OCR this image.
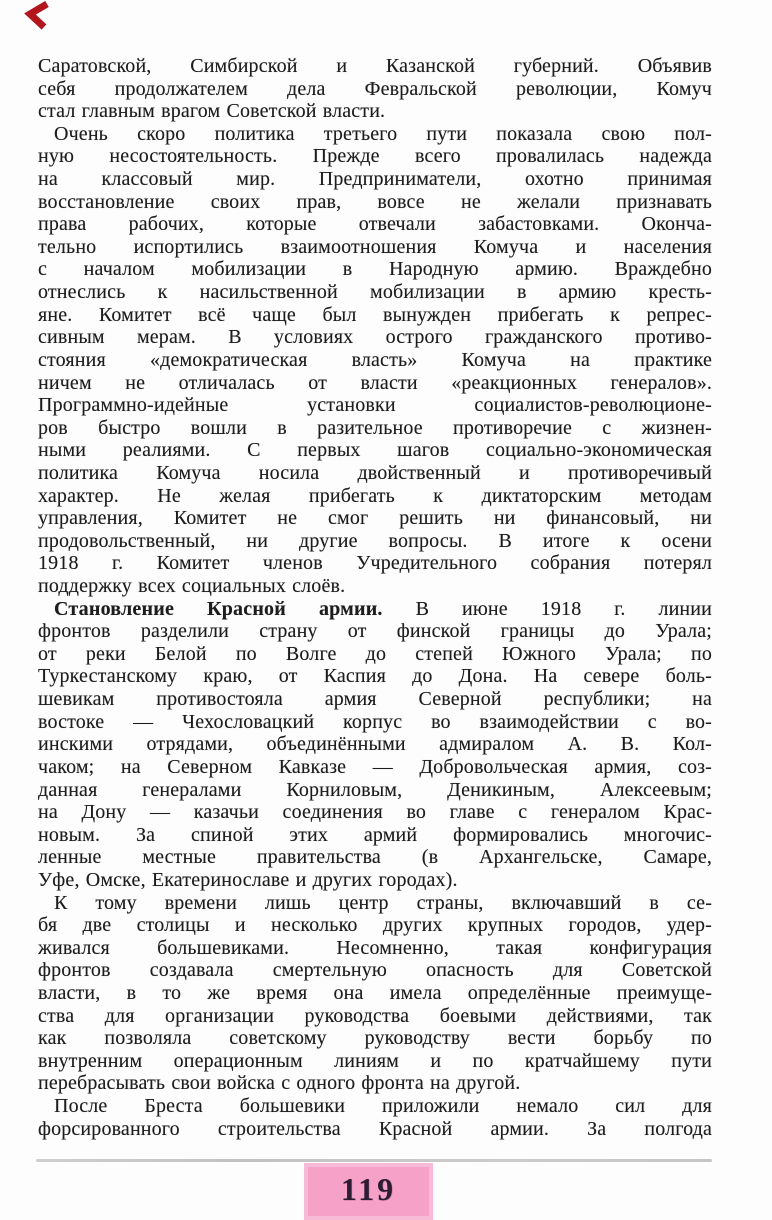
Саратовской, Симбирской и Казанской губерний. Объявив
себя продолжателем дела Февральской революции, Комуч
стал главным врагом Советской власти.
Очень скоро политика третьего пути показала свою пол-
ную несостоятельность. Прежде всего провалилась надежда
на классовый мир. Предприниматели, охотно принимая
восстановление своих прав, вовсе не желали признавать
права рабочих, которые отвечали забастовками. Оконча-
тельно испортились взаимоотношения Комуча и населения
с началом мобилизации в Народную армию. Враждебно
отнеслись к насильственной мобилизации в армию кресть-
яне. Комитет всё чаще был вынужден прибегать к репрес-
сивным мерам. В условиях острого гражданского противо-
стояния «демократическая власть» Комуча на практике
ничем не отличалась от власти «реакционных генералов».
Программно-идейные установки социалистов-революционе-
ров быстро вошли в разительное противоречие с жизнен-
ными реалиями. С первых шагов социально-экономическая
политика Комуча носила двойственный и противоречивый
характер. Не желая прибегать к диктаторским методам
управления, Комитет не смог решить ни финансовый, ни
продовольственный, ни другие вопросы. В итоге к осени
1918 г. Комитет членов Учредительного собрания потерял
поддержку всех социальных слоёв.
Становление Красной армии. В июне 1918 г. линии
фронтов разделили страну от финской границы до Урала;
от реки Белой по Волге до степей Южного Урала; по
Туркестанскому краю, от Каспия до Дона. На севере боль-
шевикам противостояла армия Северной республики; на
востоке — Чехословацкий корпус во взаимодействии с во-
инскими отрядами, объединёнными адмиралом А. В. Кол-
чаком; на Северном Кавказе — Добровольческая армия, соз-
данная генералами Корниловым, Деникиным, Алексеевым;
на Дону — казачьи соединения во главе с генералом Крас-
новым. За спиной этих армий формировались многочис-
ленные местные правительства (в Архангельске, Самаре,
Уфе, Омске, Екатеринославе и других городах).
К тому времени лишь центр страны, включавший в се-
бя две столицы и несколько других крупных городов, удер-
живался большевиками. Несомненно, такая конфигурация
фронтов создавала смертельную опасность для Советской
власти, в то же время она имела определённые преимуще-
ства для организации руководства боевыми действиями, так
как позволяла советскому руководству вести борьбу по
внутренним операционным линиям и по кратчайшему пути
перебрасывать свои войска с одного фронта на другой.
После Бреста большевики приложили немало сил для
форсированного строительства Красной армии. За полгода
119
